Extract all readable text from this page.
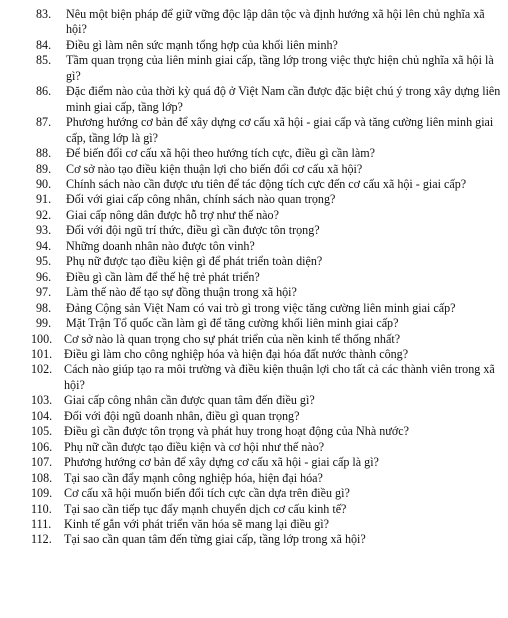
83.	Nêu một biện pháp để giữ vững độc lập dân tộc và định hướng xã hội lên chủ nghĩa xã hội?
84.	Điều gì làm nên sức mạnh tổng hợp của khối liên minh?
85.	Tầm quan trọng của liên minh giai cấp, tầng lớp trong việc thực hiện chủ nghĩa xã hội là gì?
86.	Đặc điểm nào của thời kỳ quá độ ở Việt Nam cần được đặc biệt chú ý trong xây dựng liên minh giai cấp, tầng lớp?
87.	Phương hướng cơ bản để xây dựng cơ cấu xã hội - giai cấp và tăng cường liên minh giai cấp, tầng lớp là gì?
88.	Để biến đổi cơ cấu xã hội theo hướng tích cực, điều gì cần làm?
89.	Cơ sở nào tạo điều kiện thuận lợi cho biến đổi cơ cấu xã hội?
90.	Chính sách nào cần được ưu tiên để tác động tích cực đến cơ cấu xã hội - giai cấp?
91.	Đối với giai cấp công nhân, chính sách nào quan trọng?
92.	Giai cấp nông dân được hỗ trợ như thế nào?
93.	Đối với đội ngũ trí thức, điều gì cần được tôn trọng?
94.	Những doanh nhân nào được tôn vinh?
95.	Phụ nữ được tạo điều kiện gì để phát triển toàn diện?
96.	Điều gì cần làm để thế hệ trẻ phát triển?
97.	Làm thế nào để tạo sự đồng thuận trong xã hội?
98.	Đảng Cộng sản Việt Nam có vai trò gì trong việc tăng cường liên minh giai cấp?
99.	Mặt Trận Tổ quốc cần làm gì để tăng cường khối liên minh giai cấp?
100. Cơ sở nào là quan trọng cho sự phát triển của nền kinh tế thống nhất?
101. Điều gì làm cho công nghiệp hóa và hiện đại hóa đất nước thành công?
102. Cách nào giúp tạo ra môi trường và điều kiện thuận lợi cho tất cả các thành viên trong xã hội?
103. Giai cấp công nhân cần được quan tâm đến điều gì?
104. Đối với đội ngũ doanh nhân, điều gì quan trọng?
105. Điều gì cần được tôn trọng và phát huy trong hoạt động của Nhà nước?
106. Phụ nữ cần được tạo điều kiện và cơ hội như thế nào?
107. Phương hướng cơ bản để xây dựng cơ cấu xã hội - giai cấp là gì?
108. Tại sao cần đẩy mạnh công nghiệp hóa, hiện đại hóa?
109. Cơ cấu xã hội muốn biến đổi tích cực cần dựa trên điều gì?
110.	Tại sao cần tiếp tục đẩy mạnh chuyển dịch cơ cấu kinh tế?
111.	Kinh tế gắn với phát triển văn hóa sẽ mang lại điều gì?
112.	Tại sao cần quan tâm đến từng giai cấp, tầng lớp trong xã hội?
